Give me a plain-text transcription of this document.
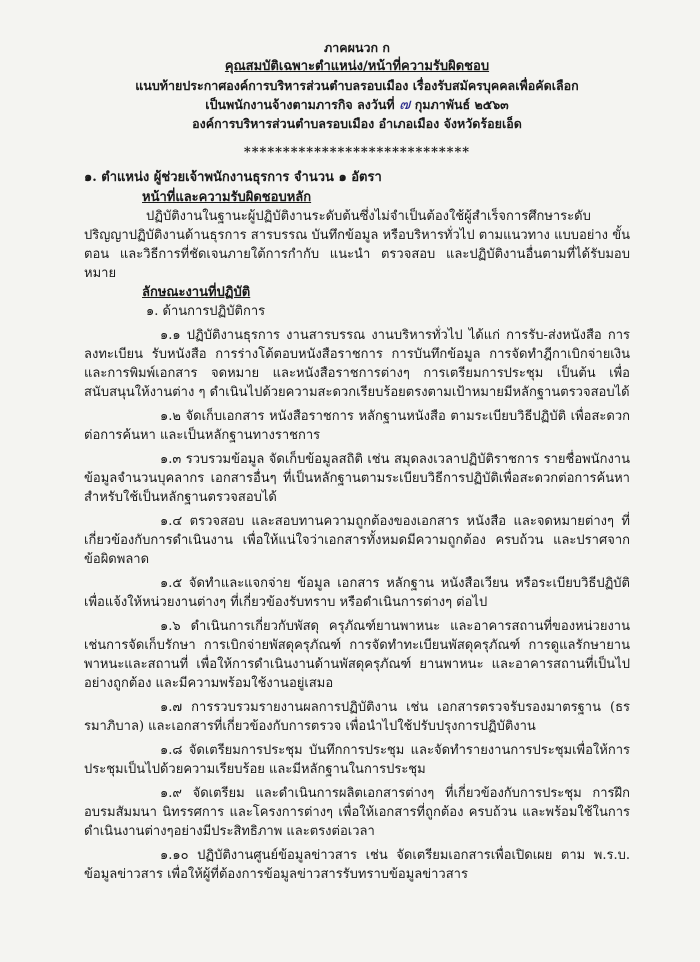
ภาคผนวก ก
คุณสมบัติเฉพาะตำแหน่ง/หน้าที่ความรับผิดชอบ
แนบท้ายประกาศองค์การบริหารส่วนตำบลรอบเมือง เรื่องรับสมัครบุคคลเพื่อคัดเลือก
เป็นพนักงานจ้างตามภารกิจ ลงวันที่ ๗ กุมภาพันธ์ ๒๕๖๓
องค์การบริหารส่วนตำบลรอบเมือง อำเภอเมือง จังหวัดร้อยเอ็ด
*****************************
๑. ตำแหน่ง ผู้ช่วยเจ้าพนักงานธุรการ จำนวน ๑ อัตรา
หน้าที่และความรับผิดชอบหลัก

ปฏิบัติงานในฐานะผู้ปฏิบัติงานระดับต้นซึ่งไม่จำเป็นต้องใช้ผู้สำเร็จการศึกษาระดับปริญญาปฏิบัติงานด้านธุรการ สารบรรณ บันทึกข้อมูล หรือบริหารทั่วไป ตามแนวทาง แบบอย่าง ขั้นตอน และวิธีการที่ชัดเจนภายใต้การกำกับ แนะนำ ตรวจสอบ และปฏิบัติงานอื่นตามที่ได้รับมอบหมาย

ลักษณะงานที่ปฏิบัติ
๑. ด้านการปฏิบัติการ

๑.๑ ปฏิบัติงานธุรการ งานสารบรรณ งานบริหารทั่วไป ได้แก่ การรับ-ส่งหนังสือ การลงทะเบียน รับหนังสือ การร่างโต้ตอบหนังสือราชการ การบันทึกข้อมูล การจัดทำฎีกาเบิกจ่ายเงินและการพิมพ์เอกสาร จดหมาย และหนังสือราชการต่างๆ การเตรียมการประชุม เป็นต้น เพื่อสนับสนุนให้งานต่าง ๆ ดำเนินไปด้วยความสะดวกเรียบร้อยตรงตามเป้าหมายมีหลักฐานตรวจสอบได้

๑.๒ จัดเก็บเอกสาร หนังสือราชการ หลักฐานหนังสือ ตามระเบียบวิธีปฏิบัติ เพื่อสะดวกต่อการค้นหา และเป็นหลักฐานทางราชการ

๑.๓ รวบรวมข้อมูล จัดเก็บข้อมูลสถิติ เช่น สมุดลงเวลาปฏิบัติราชการ รายชื่อพนักงานข้อมูลจำนวนบุคลากร เอกสารอื่นๆ ที่เป็นหลักฐานตามระเบียบวิธีการปฏิบัติเพื่อสะดวกต่อการค้นหาสำหรับใช้เป็นหลักฐานตรวจสอบได้

๑.๔ ตรวจสอบ และสอบทานความถูกต้องของเอกสาร หนังสือ และจดหมายต่างๆ ที่เกี่ยวข้องกับการดำเนินงาน เพื่อให้แน่ใจว่าเอกสารทั้งหมดมีความถูกต้อง ครบถ้วน และปราศจากข้อผิดพลาด

๑.๕ จัดทำและแจกจ่าย ข้อมูล เอกสาร หลักฐาน หนังสือเวียน หรือระเบียบวิธีปฏิบัติ เพื่อแจ้งให้หน่วยงานต่างๆ ที่เกี่ยวข้องรับทราบ หรือดำเนินการต่างๆ ต่อไป

๑.๖ ดำเนินการเกี่ยวกับพัสดุ ครุภัณฑ์ยานพาหนะ และอาคารสถานที่ของหน่วยงาน เช่นการจัดเก็บรักษา การเบิกจ่ายพัสดุครุภัณฑ์ การจัดทำทะเบียนพัสดุครุภัณฑ์ การดูแลรักษายานพาหนะและสถานที่ เพื่อให้การดำเนินงานด้านพัสดุครุภัณฑ์ ยานพาหนะ และอาคารสถานที่เป็นไปอย่างถูกต้อง และมีความพร้อมใช้งานอยู่เสมอ

๑.๗ การรวบรวมรายงานผลการปฏิบัติงาน เช่น เอกสารตรวจรับรองมาตรฐาน (ธรรมาภิบาล) และเอกสารที่เกี่ยวข้องกับการตรวจ เพื่อนำไปใช้ปรับปรุงการปฏิบัติงาน

๑.๘ จัดเตรียมการประชุม บันทึกการประชุม และจัดทำรายงานการประชุมเพื่อให้การประชุมเป็นไปด้วยความเรียบร้อย และมีหลักฐานในการประชุม

๑.๙ จัดเตรียม และดำเนินการผลิตเอกสารต่างๆ ที่เกี่ยวข้องกับการประชุม การฝึกอบรมสัมมนา นิทรรศการ และโครงการต่างๆ เพื่อให้เอกสารที่ถูกต้อง ครบถ้วน และพร้อมใช้ในการดำเนินงานต่างๆอย่างมีประสิทธิภาพ และตรงต่อเวลา

๑.๑๐ ปฏิบัติงานศูนย์ข้อมูลข่าวสาร เช่น จัดเตรียมเอกสารเพื่อเปิดเผย ตาม พ.ร.บ. ข้อมูลข่าวสาร เพื่อให้ผู้ที่ต้องการข้อมูลข่าวสารรับทราบข้อมูลข่าวสาร
